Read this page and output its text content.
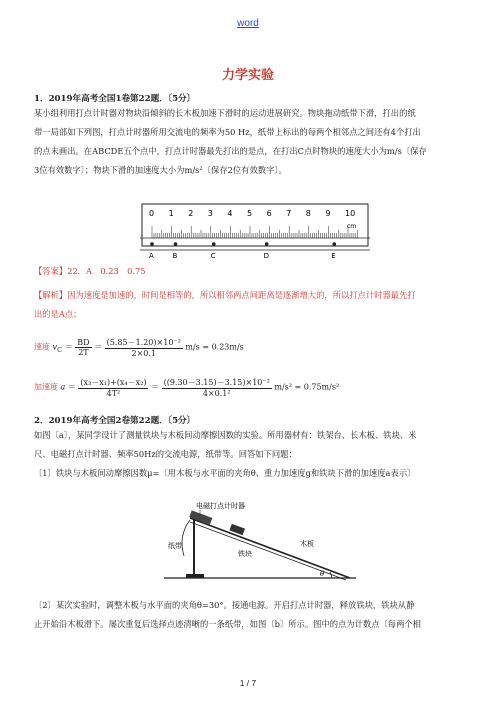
word
力学实验
1．2019年高考全国1卷第22题．〔5分〕
某小组利用打点计时器对物块沿倾斜的长木板加速下滑时的运动进展研究。物块拖动纸带下滑，打出的纸
带一局部如下列图，打点计时器所用交流电的频率为50 Hz，纸带上标出的每两个相邻点之间还有4个打出
的点未画出。在ABCDE五个点中，打点计时器最先打出的是点，在打出C点时物块的速度大小为m/s〔保存
3位有效数字〕；物块下滑的加速度大小为m/s²〔保存2位有效数字〕。
0 1 2 3 4 5 6 7 8 9 10
cm
A	B	C	D	E
【答案】22．A　0.23　0.75
【解析】因为速度是加速的，时间是相等的，所以相邻两点间距离是逐渐增大的，所以打点计时器最先打
出的是A点；
速度 $v_C = \frac{BD}{2T} = \frac{\text{(5.85－1.20)×10⁻²}}{2\times 0.1} m/s = 0.23m/s$
加速度 $a = \frac{\text{(x₃－x₁)+(x₄－x₂)}}{\text{4T²}} = \frac{\text{((9.30－3.15)－3.15)×10⁻²}}{\text{4×0.1²}} m/s^2 = 0.75m/s^2$
2．2019年高考全国2卷第22题．〔5分〕
如图〔a〕，某同学设计了测量铁块与木板间动摩擦因数的实验。所用器材有：铁架台、长木板、铁块、米
尺、电磁打点计时器、频率50Hz的交流电源，纸带等。回答如下问题：
〔1〕铁块与木板间动摩擦因数μ=〔用木板与水平面的夹角θ、重力加速度g和铁块下滑的加速度a表示〕
电磁打点计时器
纸带	木板
铁块
θ
〔2〕某次实验时，调整木板与水平面的夹角θ=30°。接通电源。开启打点计时器，释放铁块，铁块从静
止开始沿木板滑下。屡次重复后选择点迹清晰的一条纸带，如图〔b〕所示。图中的点为计数点〔每两个相
1 / 7
